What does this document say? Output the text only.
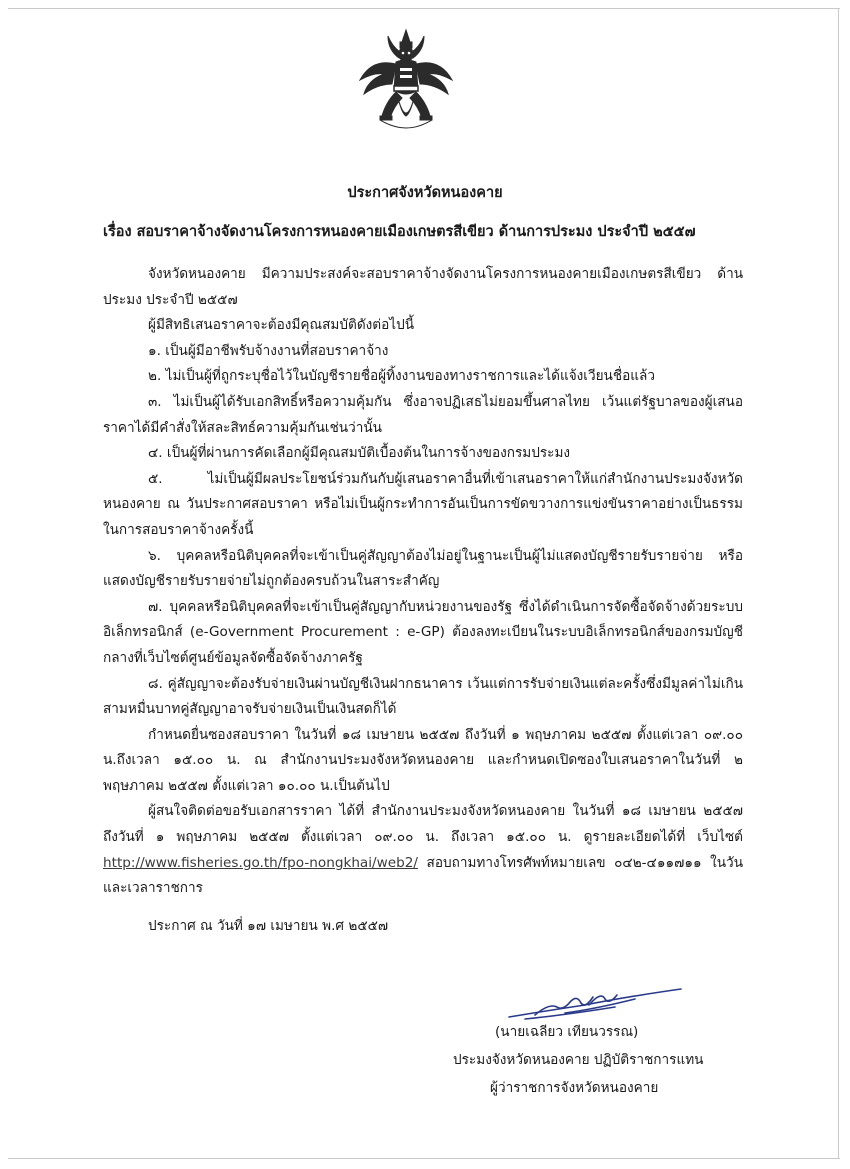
ประกาศจังหวัดหนองคาย
เรื่อง สอบราคาจ้างจัดงานโครงการหนองคายเมืองเกษตรสีเขียว ด้านการประมง ประจำปี ๒๕๕๗

จังหวัดหนองคาย มีความประสงค์จะสอบราคาจ้างจัดงานโครงการหนองคายเมืองเกษตรสีเขียว ด้านประมง ประจำปี ๒๕๕๗

ผู้มีสิทธิเสนอราคาจะต้องมีคุณสมบัติดังต่อไปนี้

๑. เป็นผู้มีอาชีพรับจ้างงานที่สอบราคาจ้าง

๒. ไม่เป็นผู้ที่ถูกระบุชื่อไว้ในบัญชีรายชื่อผู้ทิ้งงานของทางราชการและได้แจ้งเวียนชื่อแล้ว

๓. ไม่เป็นผู้ได้รับเอกสิทธิ์หรือความคุ้มกัน ซึ่งอาจปฏิเสธไม่ยอมขึ้นศาลไทย เว้นแต่รัฐบาลของผู้เสนอราคาได้มีคำสั่งให้สละสิทธ์ความคุ้มกันเช่นว่านั้น

๔. เป็นผู้ที่ผ่านการคัดเลือกผู้มีคุณสมบัติเบื้องต้นในการจ้างของกรมประมง

๕. ไม่เป็นผู้มีผลประโยชน์ร่วมกันกับผู้เสนอราคาอื่นที่เข้าเสนอราคาให้แก่สำนักงานประมงจังหวัดหนองคาย ณ วันประกาศสอบราคา หรือไม่เป็นผู้กระทำการอันเป็นการขัดขวางการแข่งขันราคาอย่างเป็นธรรมในการสอบราคาจ้างครั้งนี้

๖. บุคคลหรือนิติบุคคลที่จะเข้าเป็นคู่สัญญาต้องไม่อยู่ในฐานะเป็นผู้ไม่แสดงบัญชีรายรับรายจ่าย หรือแสดงบัญชีรายรับรายจ่ายไม่ถูกต้องครบถ้วนในสาระสำคัญ

๗. บุคคลหรือนิติบุคคลที่จะเข้าเป็นคู่สัญญากับหน่วยงานของรัฐ ซึ่งได้ดำเนินการจัดซื้อจัดจ้างด้วยระบบอิเล็กทรอนิกส์ (e-Government Procurement : e-GP) ต้องลงทะเบียนในระบบอิเล็กทรอนิกส์ของกรมบัญชีกลางที่เว็บไซต์ศูนย์ข้อมูลจัดซื้อจัดจ้างภาครัฐ

๘. คู่สัญญาจะต้องรับจ่ายเงินผ่านบัญชีเงินฝากธนาคาร เว้นแต่การรับจ่ายเงินแต่ละครั้งซึ่งมีมูลค่าไม่เกินสามหมื่นบาทคู่สัญญาอาจรับจ่ายเงินเป็นเงินสดก็ได้

กำหนดยื่นซองสอบราคา ในวันที่ ๑๘ เมษายน ๒๕๕๗ ถึงวันที่ ๑ พฤษภาคม ๒๕๕๗ ตั้งแต่เวลา ๐๙.๐๐ น.ถึงเวลา ๑๕.๐๐ น. ณ สำนักงานประมงจังหวัดหนองคาย และกำหนดเปิดซองใบเสนอราคาในวันที่ ๒ พฤษภาคม ๒๕๕๗ ตั้งแต่เวลา ๑๐.๐๐ น.เป็นต้นไป

ผู้สนใจติดต่อขอรับเอกสารราคา ได้ที่ สำนักงานประมงจังหวัดหนองคาย ในวันที่ ๑๘ เมษายน ๒๕๕๗ ถึงวันที่ ๑ พฤษภาคม ๒๕๕๗ ตั้งแต่เวลา ๐๙.๐๐ น. ถึงเวลา ๑๕.๐๐ น. ดูรายละเอียดได้ที่ เว็บไซต์ http://www.fisheries.go.th/fpo-nongkhai/web2/ สอบถามทางโทรศัพท์หมายเลข ๐๔๒-๔๑๑๗๑๑ ในวันและเวลาราชการ

ประกาศ ณ วันที่ ๑๗ เมษายน พ.ศ ๒๕๕๗
(นายเฉลียว เทียนวรรณ)
ประมงจังหวัดหนองคาย ปฏิบัติราชการแทน
ผู้ว่าราชการจังหวัดหนองคาย
